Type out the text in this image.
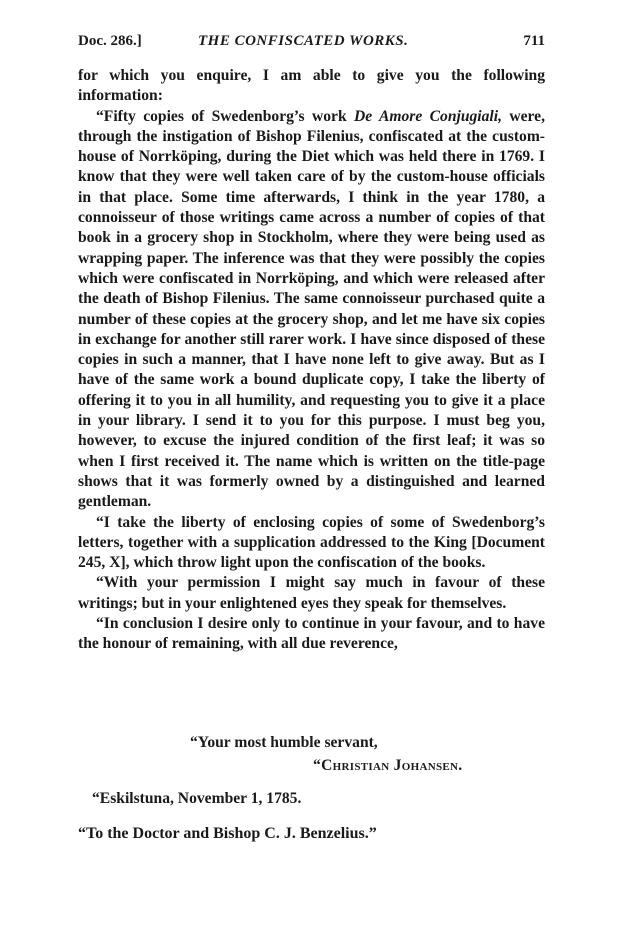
Doc. 286.]	THE CONFISCATED WORKS.	711

for which you enquire, I am able to give you the following information:

“Fifty copies of Swedenborg’s work De Amore Conjugiali, were, through the instigation of Bishop Filenius, confiscated at the custom-house of Norrköping, during the Diet which was held there in 1769. I know that they were well taken care of by the custom-house officials in that place. Some time afterwards, I think in the year 1780, a connoisseur of those writings came across a number of copies of that book in a grocery shop in Stockholm, where they were being used as wrapping paper. The inference was that they were possibly the copies which were confiscated in Norrköping, and which were released after the death of Bishop Filenius. The same connoisseur purchased quite a number of these copies at the grocery shop, and let me have six copies in exchange for another still rarer work. I have since disposed of these copies in such a manner, that I have none left to give away. But as I have of the same work a bound duplicate copy, I take the liberty of offering it to you in all humility, and requesting you to give it a place in your library. I send it to you for this purpose. I must beg you, however, to excuse the injured condition of the first leaf; it was so when I first received it. The name which is written on the title-page shows that it was formerly owned by a distinguished and learned gentleman.

“I take the liberty of enclosing copies of some of Swedenborg’s letters, together with a supplication addressed to the King [Document 245, X], which throw light upon the confiscation of the books.

“With your permission I might say much in favour of these writings; but in your enlightened eyes they speak for themselves.

“In conclusion I desire only to continue in your favour, and to have the honour of remaining, with all due reverence,

“Your most humble servant,
“Christian Johansen.
“Eskilstuna, November 1, 1785.
“To the Doctor and Bishop C. J. Benzelius.”
